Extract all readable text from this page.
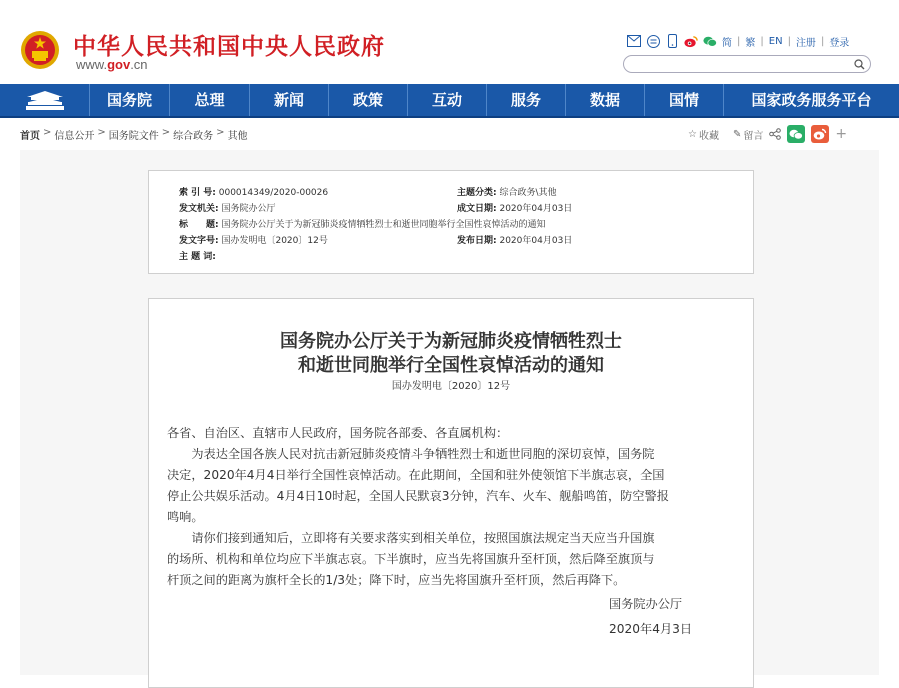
中华人民共和国中央人民政府
www.gov.cn
简 | 繁 | EN | 注册 | 登录
国务院	总理	新闻	政策	互动	服务	数据	国情	国家政务服务平台
首页 > 信息公开 > 国务院文件 > 综合政务 > 其他	☆ 收藏 ✎ 留言	+
索 引 号: 000014349/2020-00026	主题分类: 综合政务\其他
发文机关: 国务院办公厅	成文日期: 2020年04月03日
标　　题: 国务院办公厅关于为新冠肺炎疫情牺牲烈士和逝世同胞举行全国性哀悼活动的通知
发文字号: 国办发明电〔2020〕12号	发布日期: 2020年04月03日
主 题 词:
国务院办公厅关于为新冠肺炎疫情牺牲烈士
和逝世同胞举行全国性哀悼活动的通知
国办发明电〔2020〕12号
各省、自治区、直辖市人民政府，国务院各部委、各直属机构：
　　为表达全国各族人民对抗击新冠肺炎疫情斗争牺牲烈士和逝世同胞的深切哀悼，国务院
决定，2020年4月4日举行全国性哀悼活动。在此期间，全国和驻外使领馆下半旗志哀，全国
停止公共娱乐活动。4月4日10时起，全国人民默哀3分钟，汽车、火车、舰船鸣笛，防空警报
鸣响。
　　请你们接到通知后，立即将有关要求落实到相关单位，按照国旗法规定当天应当升国旗
的场所、机构和单位均应下半旗志哀。下半旗时，应当先将国旗升至杆顶，然后降至旗顶与
杆顶之间的距离为旗杆全长的1/3处；降下时，应当先将国旗升至杆顶，然后再降下。
国务院办公厅
2020年4月3日
